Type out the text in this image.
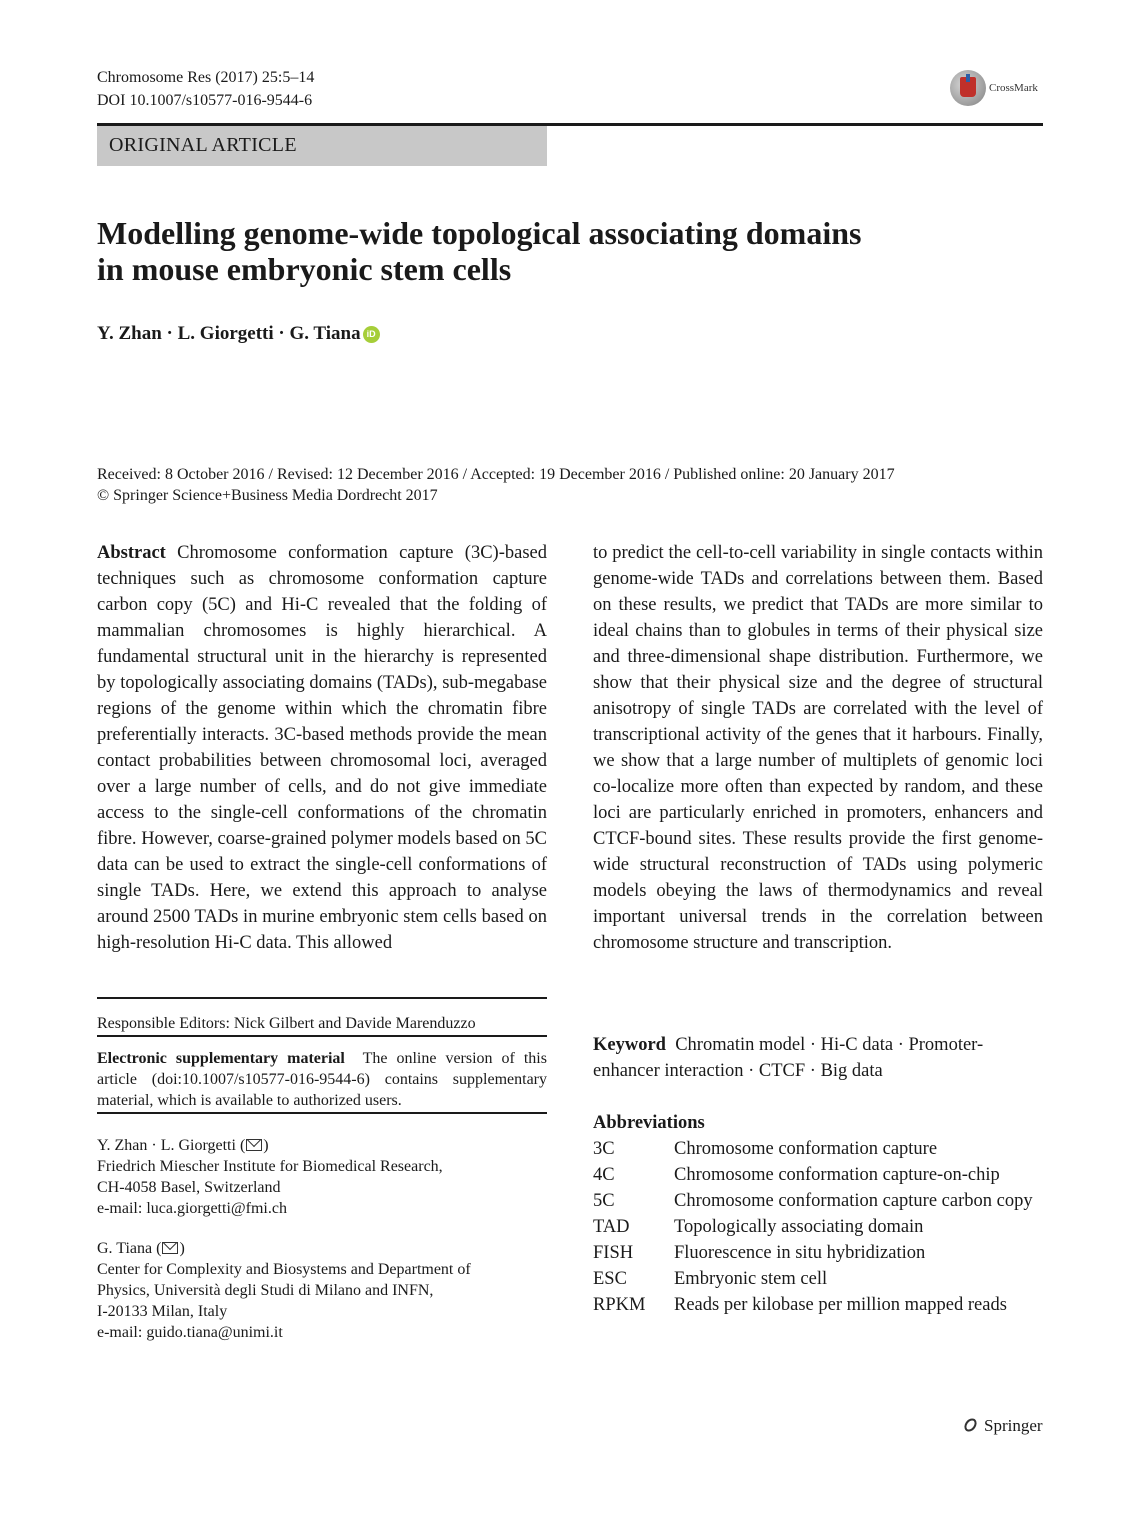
Chromosome Res (2017) 25:5–14
DOI 10.1007/s10577-016-9544-6
CrossMark
ORIGINAL ARTICLE
Modelling genome-wide topological associating domains
in mouse embryonic stem cells
Y. Zhan · L. Giorgetti · G. Tiana iD
Received: 8 October 2016 / Revised: 12 December 2016 / Accepted: 19 December 2016 / Published online: 20 January 2017
© Springer Science+Business Media Dordrecht 2017
Abstract Chromosome conformation capture (3C)-based techniques such as chromosome conformation capture carbon copy (5C) and Hi-C revealed that the folding of mammalian chromosomes is highly hierarchical. A fundamental structural unit in the hierarchy is represented by topologically associating domains (TADs), sub-megabase regions of the genome within which the chromatin fibre preferentially interacts. 3C-based methods provide the mean contact probabilities between chromosomal loci, averaged over a large number of cells, and do not give immediate access to the single-cell conformations of the chromatin fibre. However, coarse-grained polymer models based on 5C data can be used to extract the single-cell conformations of single TADs. Here, we extend this approach to analyse around 2500 TADs in murine embryonic stem cells based on high-resolution Hi-C data. This allowed
to predict the cell-to-cell variability in single contacts within genome-wide TADs and correlations between them. Based on these results, we predict that TADs are more similar to ideal chains than to globules in terms of their physical size and three-dimensional shape distribution. Furthermore, we show that their physical size and the degree of structural anisotropy of single TADs are correlated with the level of transcriptional activity of the genes that it harbours. Finally, we show that a large number of multiplets of genomic loci co-localize more often than expected by random, and these loci are particularly enriched in promoters, enhancers and CTCF-bound sites. These results provide the first genome-wide structural reconstruction of TADs using polymeric models obeying the laws of thermodynamics and reveal important universal trends in the correlation between chromosome structure and transcription.
Responsible Editors: Nick Gilbert and Davide Marenduzzo
Electronic supplementary material The online version of this article (doi:10.1007/s10577-016-9544-6) contains supplementary material, which is available to authorized users.
Y. Zhan · L. Giorgetti ( )
Friedrich Miescher Institute for Biomedical Research,
CH-4058 Basel, Switzerland
e-mail: luca.giorgetti@fmi.ch
G. Tiana ( )
Center for Complexity and Biosystems and Department of
Physics, Università degli Studi di Milano and INFN,
I-20133 Milan, Italy
e-mail: guido.tiana@unimi.it
Keyword Chromatin model · Hi-C data · Promoter-enhancer interaction · CTCF · Big data
Abbreviations
3C	Chromosome conformation capture
4C	Chromosome conformation capture-on-chip
5C	Chromosome conformation capture carbon copy
TAD	Topologically associating domain
FISH	Fluorescence in situ hybridization
ESC	Embryonic stem cell
RPKM	Reads per kilobase per million mapped reads
Springer
